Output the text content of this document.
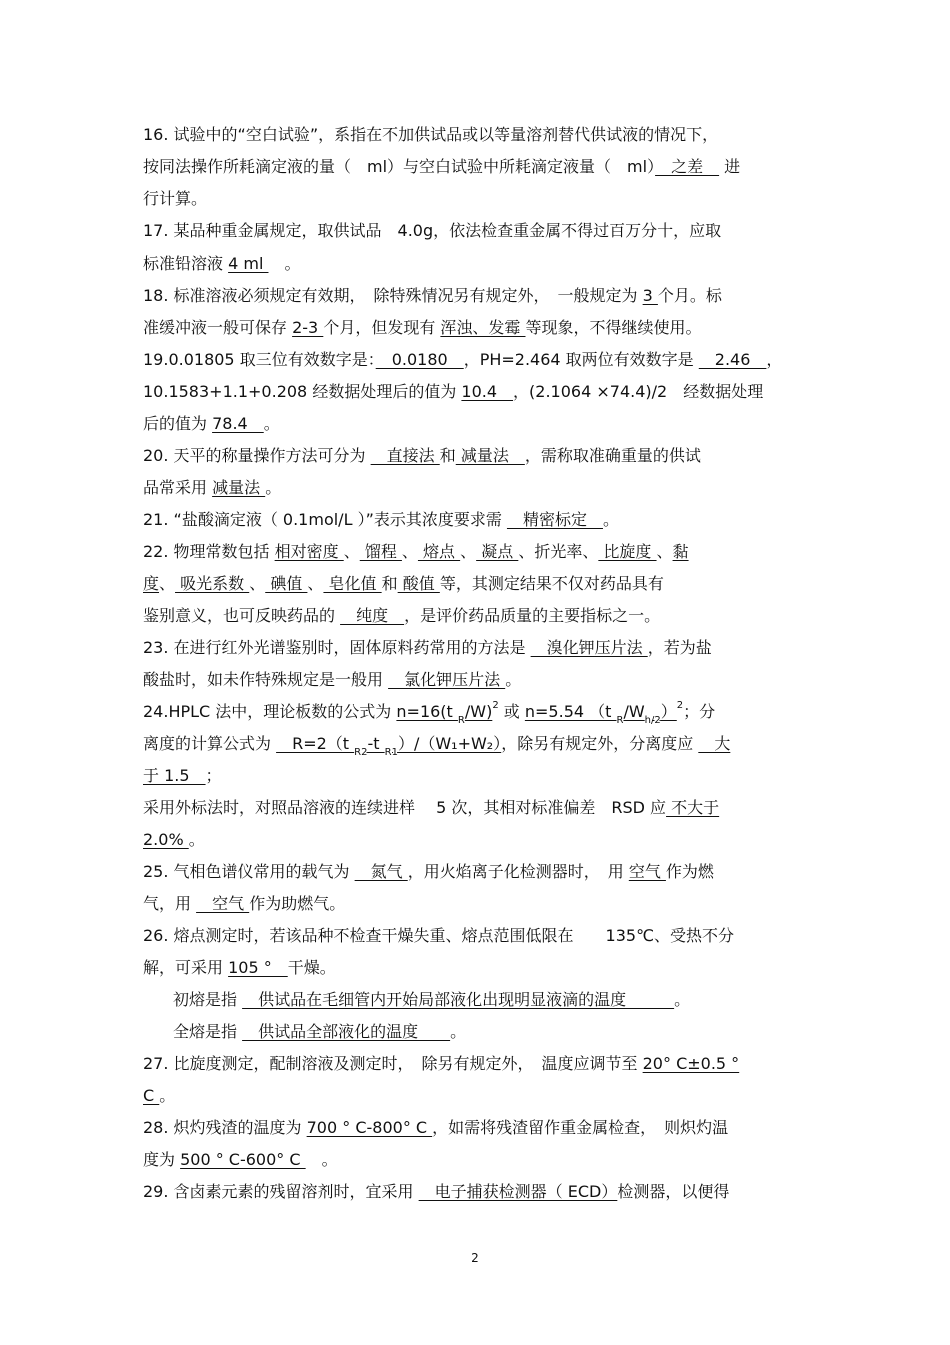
16. 试验中的“空白试验”，系指在不加供试品或以等量溶剂替代供试液的情况下，
按同法操作所耗滴定液的量（　ml）与空白试验中所耗滴定液量（　ml）　之差　 进
行计算。
17. 某品种重金属规定，取供试品　4.0g，依法检查重金属不得过百万分十，应取
标准铅溶液 4 ml 　。
18. 标准溶液必须规定有效期，　除特殊情况另有规定外，　一般规定为 3 个月。标
准缓冲液一般可保存 2-3 个月，但发现有 浑浊、发霉 等现象，不得继续使用。
19.0.01805 取三位有效数字是：　0.0180　，PH=2.464 取两位有效数字是 　2.46　，
10.1583+1.1+0.208 经数据处理后的值为 10.4　，(2.1064 ×74.4)/2　经数据处理
后的值为 78.4　。
20. 天平的称量操作方法可分为 　直接法 和 减量法　，需称取准确重量的供试
品常采用 减量法 。
21. “盐酸滴定液（ 0.1mol/L ）”表示其浓度要求需 　精密标定　。
22. 物理常数包括 相对密度 、 馏程 、 熔点 、 凝点 、折光率、 比旋度 、黏
度、 吸光系数 、 碘值 、 皂化值 和 酸值 等，其测定结果不仅对药品具有
鉴别意义，也可反映药品的 　纯度　，是评价药品质量的主要指标之一。
23. 在进行红外光谱鉴别时，固体原料药常用的方法是 　溴化钾压片法 ，若为盐
酸盐时，如未作特殊规定是一般用 　氯化钾压片法 。
24.HPLC 法中，理论板数的公式为 n=16(t $_R$/W)$^2$ 或 n=5.54 （t $_R/W_{h/2})^2$；分
离度的计算公式为 　R=2（t $_{R2}$-t $_{R1}$）/（W₁+W₂），除另有规定外，分离度应 　大
于 1.5　；
采用外标法时，对照品溶液的连续进样　 5 次，其相对标准偏差　RSD 应 不大于
2.0% 。
25. 气相色谱仪常用的载气为 　氮气 ，用火焰离子化检测器时，　用 空气 作为燃
气，用 　空气 作为助燃气。
26. 熔点测定时，若该品种不检查干燥失重、熔点范围低限在　　135℃、受热不分
解，可采用 105 °　干燥。
初熔是指 　供试品在毛细管内开始局部液化出现明显液滴的温度　　　。
全熔是指 　供试品全部液化的温度　　。
27. 比旋度测定，配制溶液及测定时，　除另有规定外，　温度应调节至 20° C±0.5 °
C 。
28. 炽灼残渣的温度为 700 ° C-800° C ，如需将残渣留作重金属检查，　则炽灼温
度为 500 ° C-600° C 　。
29. 含卤素元素的残留溶剂时，宜采用 　电子捕获检测器（ ECD）检测器，以便得
2
